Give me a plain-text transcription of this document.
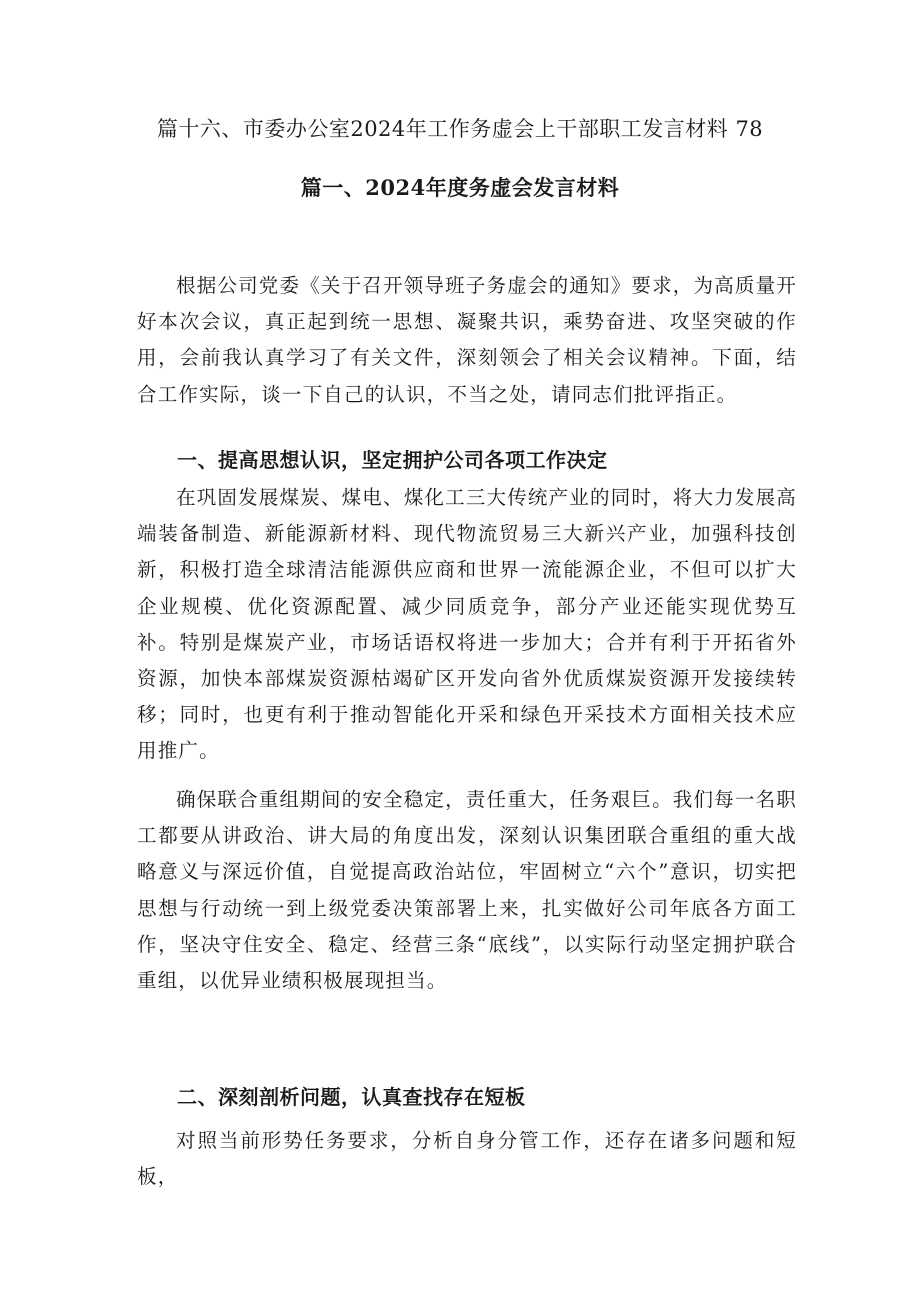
篇十六、市委办公室2024年工作务虚会上干部职工发言材料 78
篇一、2024年度务虚会发言材料

根据公司党委《关于召开领导班子务虚会的通知》要求，为高质量开好本次会议，真正起到统一思想、凝聚共识，乘势奋进、攻坚突破的作用，会前我认真学习了有关文件，深刻领会了相关会议精神。下面，结合工作实际，谈一下自己的认识，不当之处，请同志们批评指正。

一、提高思想认识，坚定拥护公司各项工作决定

在巩固发展煤炭、煤电、煤化工三大传统产业的同时，将大力发展高端装备制造、新能源新材料、现代物流贸易三大新兴产业，加强科技创新，积极打造全球清洁能源供应商和世界一流能源企业，不但可以扩大企业规模、优化资源配置、减少同质竞争，部分产业还能实现优势互补。特别是煤炭产业，市场话语权将进一步加大；合并有利于开拓省外资源，加快本部煤炭资源枯竭矿区开发向省外优质煤炭资源开发接续转移；同时，也更有利于推动智能化开采和绿色开采技术方面相关技术应用推广。

确保联合重组期间的安全稳定，责任重大，任务艰巨。我们每一名职工都要从讲政治、讲大局的角度出发，深刻认识集团联合重组的重大战略意义与深远价值，自觉提高政治站位，牢固树立“六个”意识，切实把思想与行动统一到上级党委决策部署上来，扎实做好公司年底各方面工作，坚决守住安全、稳定、经营三条“底线”，以实际行动坚定拥护联合重组，以优异业绩积极展现担当。

二、深刻剖析问题，认真查找存在短板

对照当前形势任务要求，分析自身分管工作，还存在诸多问题和短板，
